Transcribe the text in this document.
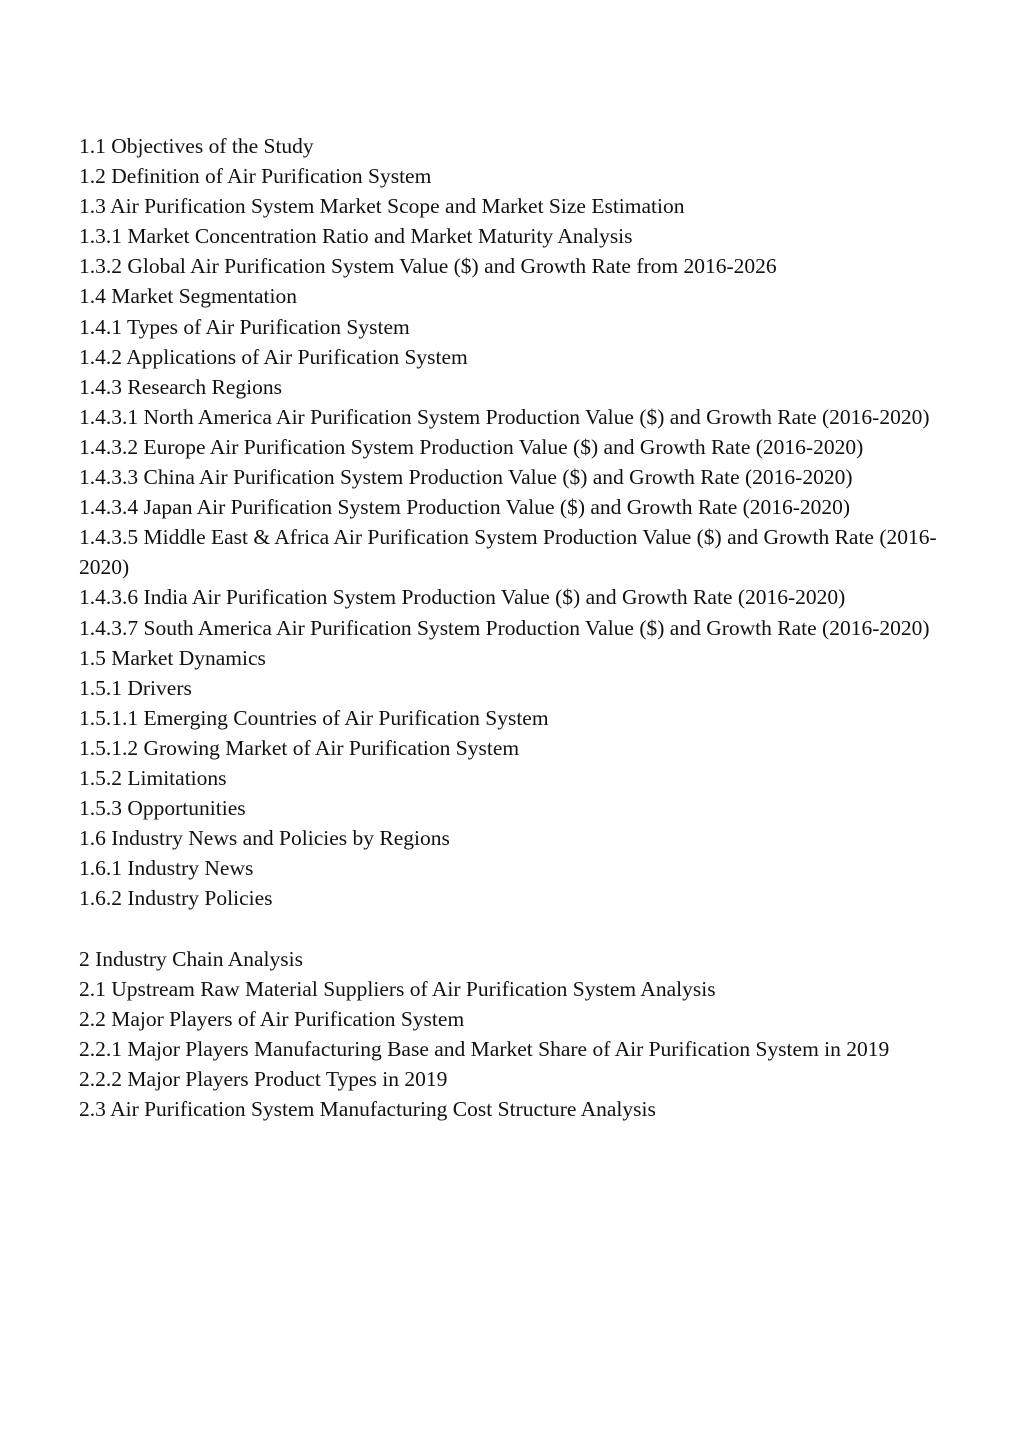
1.1 Objectives of the Study

1.2 Definition of Air Purification System

1.3 Air Purification System Market Scope and Market Size Estimation

1.3.1 Market Concentration Ratio and Market Maturity Analysis

1.3.2 Global Air Purification System Value ($) and Growth Rate from 2016-2026

1.4 Market Segmentation

1.4.1 Types of Air Purification System

1.4.2 Applications of Air Purification System

1.4.3 Research Regions

1.4.3.1 North America Air Purification System Production Value ($) and Growth Rate (2016-2020)

1.4.3.2 Europe Air Purification System Production Value ($) and Growth Rate (2016-2020)

1.4.3.3 China Air Purification System Production Value ($) and Growth Rate (2016-2020)

1.4.3.4 Japan Air Purification System Production Value ($) and Growth Rate (2016-2020)

1.4.3.5 Middle East & Africa Air Purification System Production Value ($) and Growth Rate (2016-2020)

1.4.3.6 India Air Purification System Production Value ($) and Growth Rate (2016-2020)

1.4.3.7 South America Air Purification System Production Value ($) and Growth Rate (2016-2020)

1.5 Market Dynamics

1.5.1 Drivers

1.5.1.1 Emerging Countries of Air Purification System

1.5.1.2 Growing Market of Air Purification System

1.5.2 Limitations

1.5.3 Opportunities

1.6 Industry News and Policies by Regions

1.6.1 Industry News

1.6.2 Industry Policies

2 Industry Chain Analysis

2.1 Upstream Raw Material Suppliers of Air Purification System Analysis

2.2 Major Players of Air Purification System

2.2.1 Major Players Manufacturing Base and Market Share of Air Purification System in 2019

2.2.2 Major Players Product Types in 2019

2.3 Air Purification System Manufacturing Cost Structure Analysis
